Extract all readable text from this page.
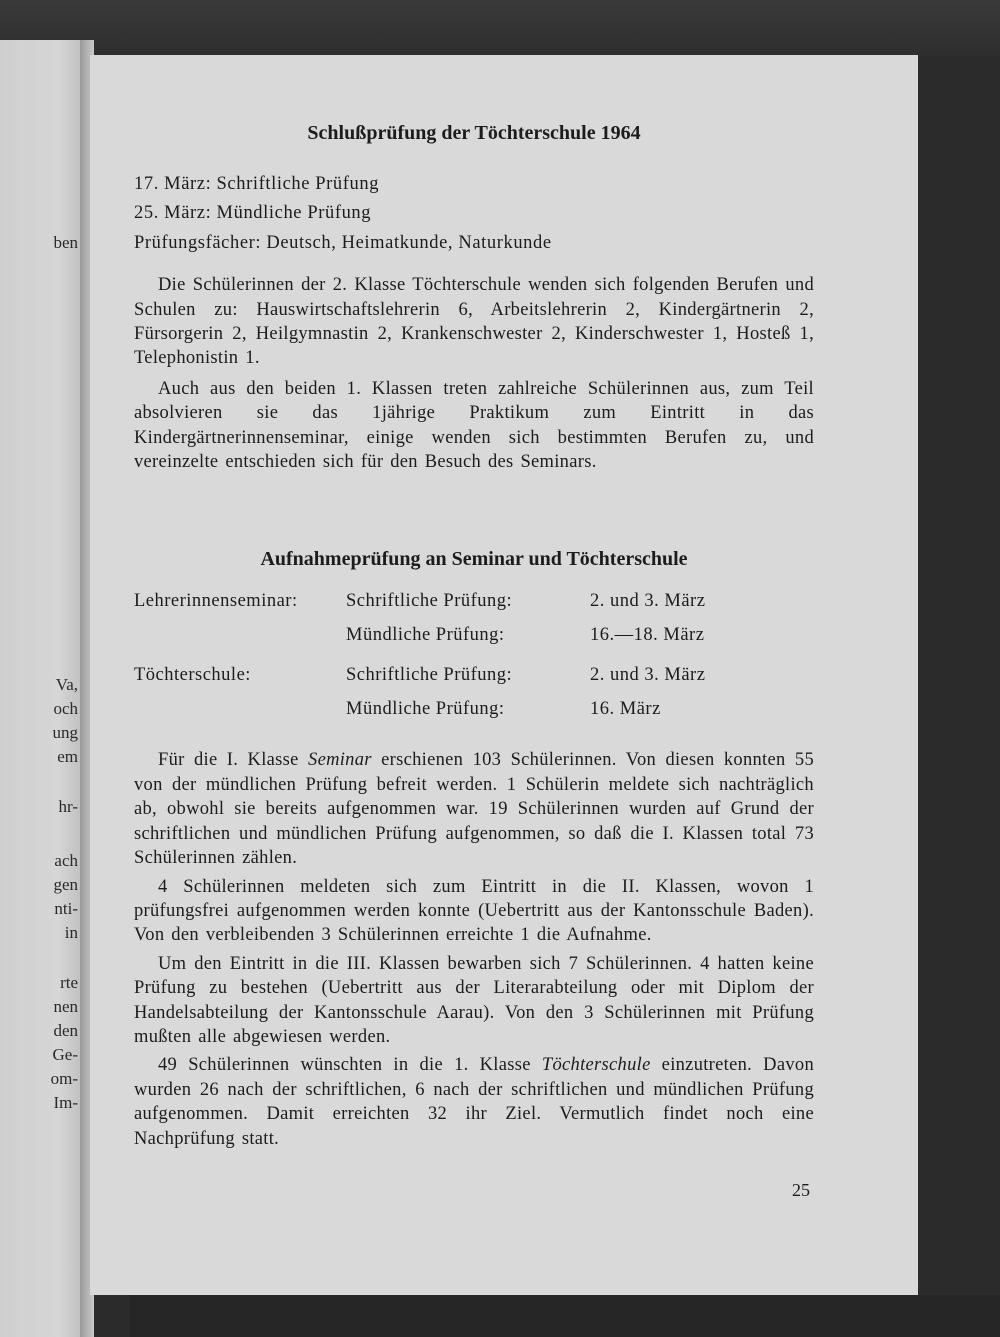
ben
Va,
och
ung
em
hr-
ach
gen
nti-
in
rte
nen
den
Ge-
om-
Im-
Schlußprüfung der Töchterschule 1964

17. März: Schriftliche Prüfung

25. März: Mündliche Prüfung

Prüfungsfächer: Deutsch, Heimatkunde, Naturkunde

Die Schülerinnen der 2. Klasse Töchterschule wenden sich folgenden Berufen und Schulen zu: Hauswirtschaftslehrerin 6, Arbeitslehrerin 2, Kindergärtnerin 2, Fürsorgerin 2, Heilgymnastin 2, Krankenschwester 2, Kinderschwester 1, Hosteß 1, Telephonistin 1.

Auch aus den beiden 1. Klassen treten zahlreiche Schülerinnen aus, zum Teil absolvieren sie das 1jährige Praktikum zum Eintritt in das Kindergärtnerinnenseminar, einige wenden sich bestimmten Berufen zu, und vereinzelte entschieden sich für den Besuch des Seminars.

Aufnahmeprüfung an Seminar und Töchterschule
Lehrerinnenseminar:	Schriftliche Prüfung:	2. und 3. März
	Mündliche Prüfung:	16.—18. März
Töchterschule:	Schriftliche Prüfung:	2. und 3. März
	Mündliche Prüfung:	16. März

Für die I. Klasse Seminar erschienen 103 Schülerinnen. Von diesen konnten 55 von der mündlichen Prüfung befreit werden. 1 Schülerin meldete sich nachträglich ab, obwohl sie bereits aufgenommen war. 19 Schülerinnen wurden auf Grund der schriftlichen und mündlichen Prüfung aufgenommen, so daß die I. Klassen total 73 Schülerinnen zählen.

4 Schülerinnen meldeten sich zum Eintritt in die II. Klassen, wovon 1 prüfungsfrei aufgenommen werden konnte (Uebertritt aus der Kantonsschule Baden). Von den verbleibenden 3 Schülerinnen erreichte 1 die Aufnahme.

Um den Eintritt in die III. Klassen bewarben sich 7 Schülerinnen. 4 hatten keine Prüfung zu bestehen (Uebertritt aus der Literarabteilung oder mit Diplom der Handelsabteilung der Kantonsschule Aarau). Von den 3 Schülerinnen mit Prüfung mußten alle abgewiesen werden.

49 Schülerinnen wünschten in die 1. Klasse Töchterschule einzutreten. Davon wurden 26 nach der schriftlichen, 6 nach der schriftlichen und mündlichen Prüfung aufgenommen. Damit erreichten 32 ihr Ziel. Vermutlich findet noch eine Nachprüfung statt.

25
